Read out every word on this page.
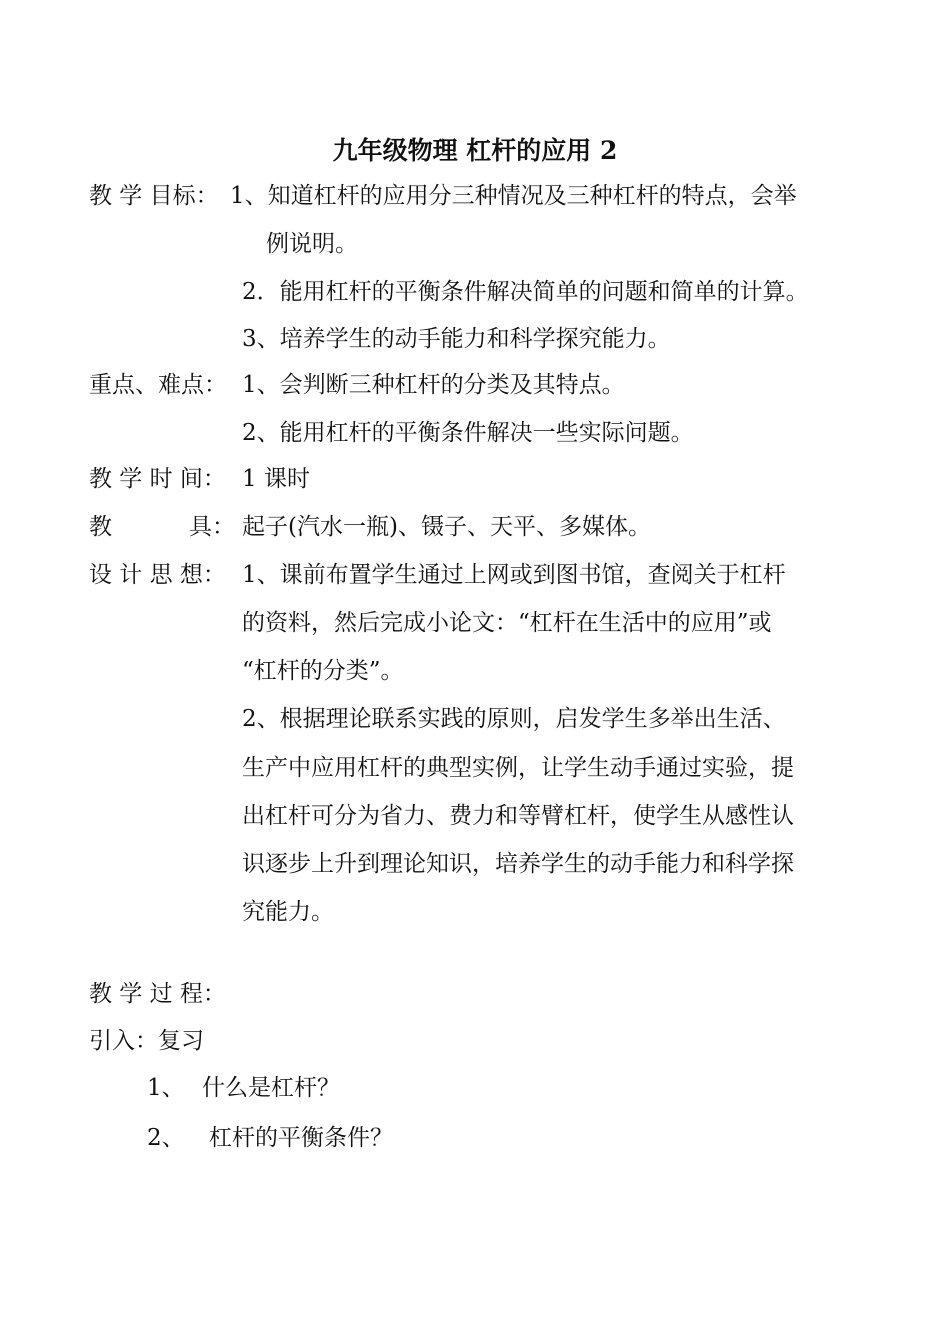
九年级物理 杠杆的应用 2
教 学 目标： 1、知道杠杆的应用分三种情况及三种杠杆的特点，会举
例说明。
2．能用杠杆的平衡条件解决简单的问题和简单的计算。
3、培养学生的动手能力和科学探究能力。
重点、难点： 1、会判断三种杠杆的分类及其特点。
2、能用杠杆的平衡条件解决一些实际问题。
教 学 时 间： 1 课时
教	具： 起子(汽水一瓶)、镊子、天平、多媒体。
设 计 思 想： 1、课前布置学生通过上网或到图书馆，查阅关于杠杆
的资料，然后完成小论文：“杠杆在生活中的应用”或
“杠杆的分类”。
2、根据理论联系实践的原则，启发学生多举出生活、
生产中应用杠杆的典型实例，让学生动手通过实验，提
出杠杆可分为省力、费力和等臂杠杆，使学生从感性认
识逐步上升到理论知识，培养学生的动手能力和科学探
究能力。
教 学 过 程：
引入：复习
1、 什么是杠杆？
2、 杠杆的平衡条件？
